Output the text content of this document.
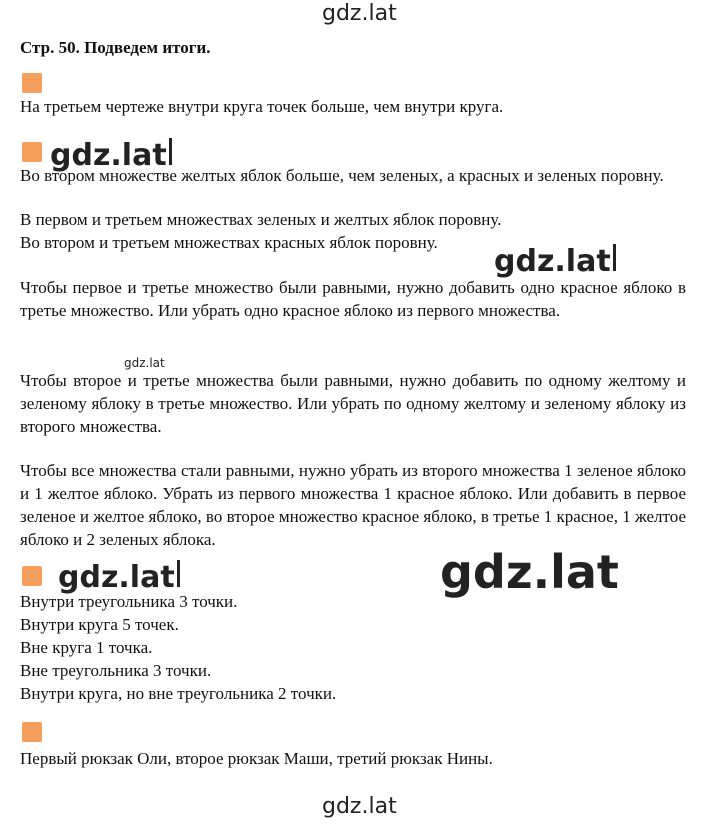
gdz.lat
Стр. 50. Подведем итоги.
На третьем чертеже внутри круга точек больше, чем внутри круга.
gdz.lat

Во втором множестве желтых яблок больше, чем зеленых, а красных и зеленых поровну.

В первом и третьем множествах зеленых и желтых яблок поровну.
Во втором и третьем множествах красных яблок поровну.
gdz.lat

Чтобы первое и третье множество были равными, нужно добавить одно красное яблоко в третье множество. Или убрать одно красное яблоко из первого множества.

gdz.lat

Чтобы второе и третье множества были равными, нужно добавить по одному желтому и зеленому яблоку в третье множество. Или убрать по одному желтому и зеленому яблоку из второго множества.

Чтобы все множества стали равными, нужно убрать из второго множества 1 зеленое яблоко и 1 желтое яблоко. Убрать из первого множества 1 красное яблоко. Или добавить в первое зеленое и желтое яблоко, во второе множество красное яблоко, в третье 1 красное, 1 желтое яблоко и 2 зеленых яблока.

gdz.lat	gdz.lat
Внутри треугольника 3 точки.
Внутри круга 5 точек.
Вне круга 1 точка.
Вне треугольника 3 точки.
Внутри круга, но вне треугольника 2 точки.
Первый рюкзак Оли, второе рюкзак Маши, третий рюкзак Нины.
gdz.lat
